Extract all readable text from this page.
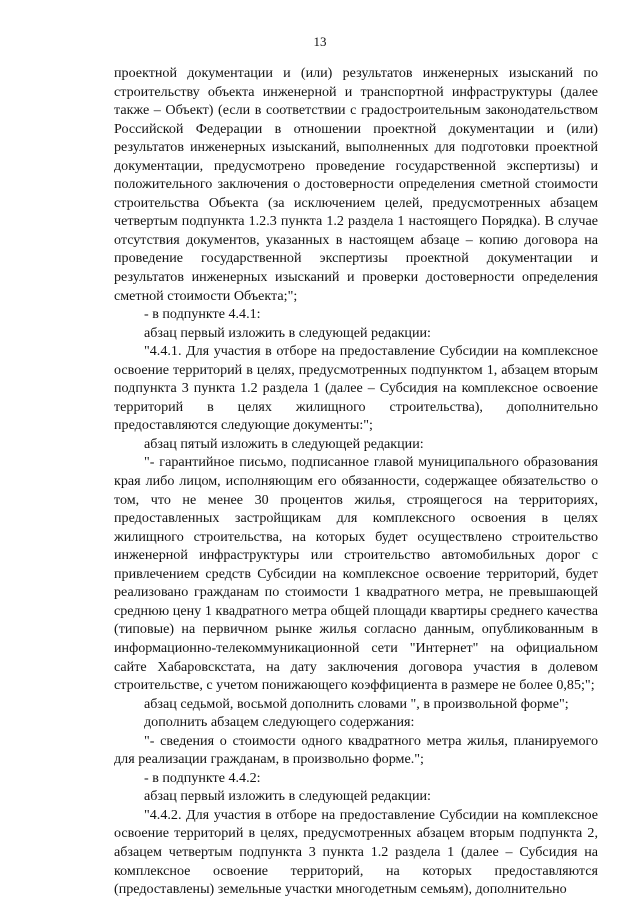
13

проектной документации и (или) результатов инженерных изысканий по строительству объекта инженерной и транспортной инфраструктуры (далее также – Объект) (если в соответствии с градостроительным законодательством Российской Федерации в отношении проектной документации и (или) результатов инженерных изысканий, выполненных для подготовки проектной документации, предусмотрено проведение государственной экспертизы) и положительного заключения о достоверности определения сметной стоимости строительства Объекта (за исключением целей, предусмотренных абзацем четвертым подпункта 1.2.3 пункта 1.2 раздела 1 настоящего Порядка). В случае отсутствия документов, указанных в настоящем абзаце – копию договора на проведение государственной экспертизы проектной документации и результатов инженерных изысканий и проверки достоверности определения сметной стоимости Объекта;";

- в подпункте 4.4.1:

абзац первый изложить в следующей редакции:

"4.4.1. Для участия в отборе на предоставление Субсидии на комплексное освоение территорий в целях, предусмотренных подпунктом 1, абзацем вторым подпункта 3 пункта 1.2 раздела 1 (далее – Субсидия на комплексное освоение территорий в целях жилищного строительства), дополнительно предоставляются следующие документы:";

абзац пятый изложить в следующей редакции:

"- гарантийное письмо, подписанное главой муниципального образования края либо лицом, исполняющим его обязанности, содержащее обязательство о том, что не менее 30 процентов жилья, строящегося на территориях, предоставленных застройщикам для комплексного освоения в целях жилищного строительства, на которых будет осуществлено строительство инженерной инфраструктуры или строительство автомобильных дорог с привлечением средств Субсидии на комплексное освоение территорий, будет реализовано гражданам по стоимости 1 квадратного метра, не превышающей среднюю цену 1 квадратного метра общей площади квартиры среднего качества (типовые) на первичном рынке жилья согласно данным, опубликованным в информационно-телекоммуникационной сети "Интернет" на официальном сайте Хабаровскстата, на дату заключения договора участия в долевом строительстве, с учетом понижающего коэффициента в размере не более 0,85;";

абзац седьмой, восьмой дополнить словами ", в произвольной форме";

дополнить абзацем следующего содержания:

"- сведения о стоимости одного квадратного метра жилья, планируемого для реализации гражданам, в произвольно форме.";

- в подпункте 4.4.2:

абзац первый изложить в следующей редакции:

"4.4.2. Для участия в отборе на предоставление Субсидии на комплексное освоение территорий в целях, предусмотренных абзацем вторым подпункта 2, абзацем четвертым подпункта 3 пункта 1.2 раздела 1 (далее – Субсидия на комплексное освоение территорий, на которых предоставляются (предоставлены) земельные участки многодетным семьям), дополнительно
